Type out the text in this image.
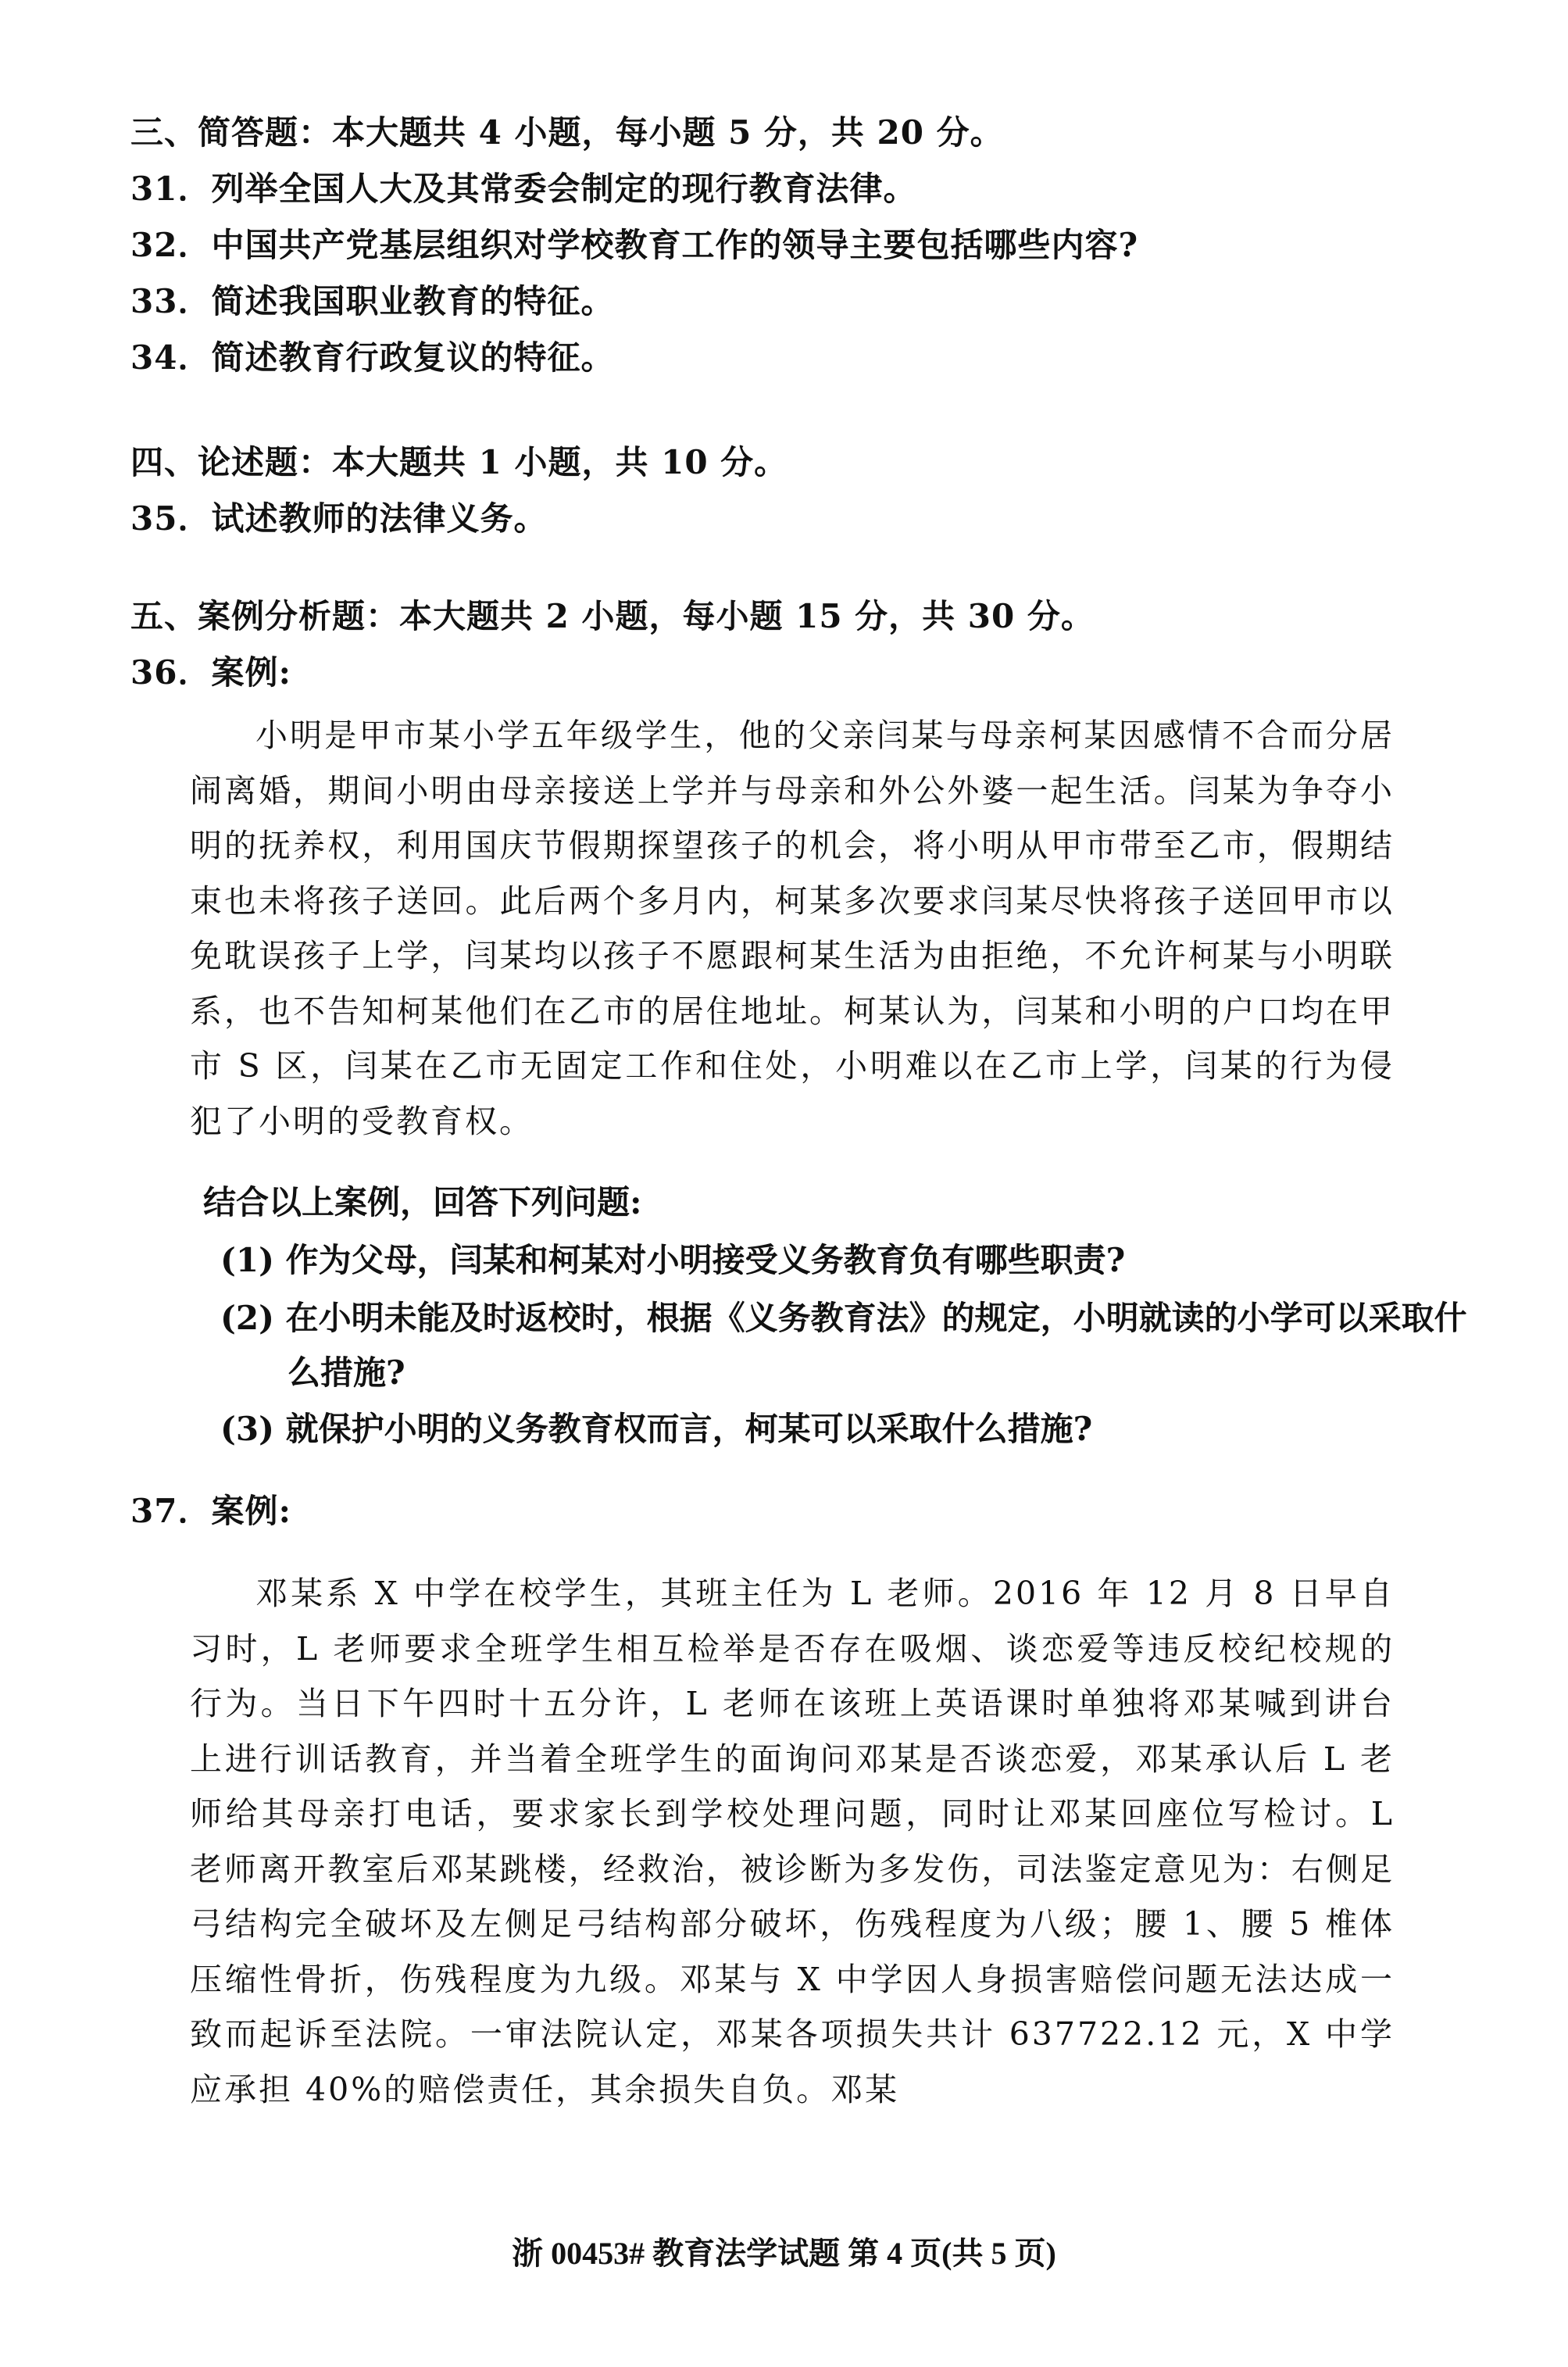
三、简答题：本大题共 4 小题，每小题 5 分，共 20 分。
31．列举全国人大及其常委会制定的现行教育法律。
32．中国共产党基层组织对学校教育工作的领导主要包括哪些内容?
33．简述我国职业教育的特征。
34．简述教育行政复议的特征。
四、论述题：本大题共 1 小题，共 10 分。
35．试述教师的法律义务。
五、案例分析题：本大题共 2 小题，每小题 15 分，共 30 分。
36．案例:
小明是甲市某小学五年级学生，他的父亲闫某与母亲柯某因感情不合而分居闹离婚，期间小明由母亲接送上学并与母亲和外公外婆一起生活。闫某为争夺小明的抚养权，利用国庆节假期探望孩子的机会，将小明从甲市带至乙市，假期结束也未将孩子送回。此后两个多月内，柯某多次要求闫某尽快将孩子送回甲市以免耽误孩子上学，闫某均以孩子不愿跟柯某生活为由拒绝，不允许柯某与小明联系，也不告知柯某他们在乙市的居住地址。柯某认为，闫某和小明的户口均在甲市 S 区，闫某在乙市无固定工作和住处，小明难以在乙市上学，闫某的行为侵犯了小明的受教育权。
结合以上案例，回答下列问题:
(1) 作为父母，闫某和柯某对小明接受义务教育负有哪些职责?
(2) 在小明未能及时返校时，根据《义务教育法》的规定，小明就读的小学可以采取什么措施?
(3) 就保护小明的义务教育权而言，柯某可以采取什么措施?
37．案例:
邓某系 X 中学在校学生，其班主任为 L 老师。2016 年 12 月 8 日早自习时，L 老师要求全班学生相互检举是否存在吸烟、谈恋爱等违反校纪校规的行为。当日下午四时十五分许，L 老师在该班上英语课时单独将邓某喊到讲台上进行训话教育，并当着全班学生的面询问邓某是否谈恋爱，邓某承认后 L 老师给其母亲打电话，要求家长到学校处理问题，同时让邓某回座位写检讨。L 老师离开教室后邓某跳楼，经救治，被诊断为多发伤，司法鉴定意见为：右侧足弓结构完全破坏及左侧足弓结构部分破坏，伤残程度为八级；腰 1、腰 5 椎体压缩性骨折，伤残程度为九级。邓某与 X 中学因人身损害赔偿问题无法达成一致而起诉至法院。一审法院认定，邓某各项损失共计 637722.12 元，X 中学应承担 40%的赔偿责任，其余损失自负。邓某
浙 00453# 教育法学试题 第 4 页(共 5 页)
